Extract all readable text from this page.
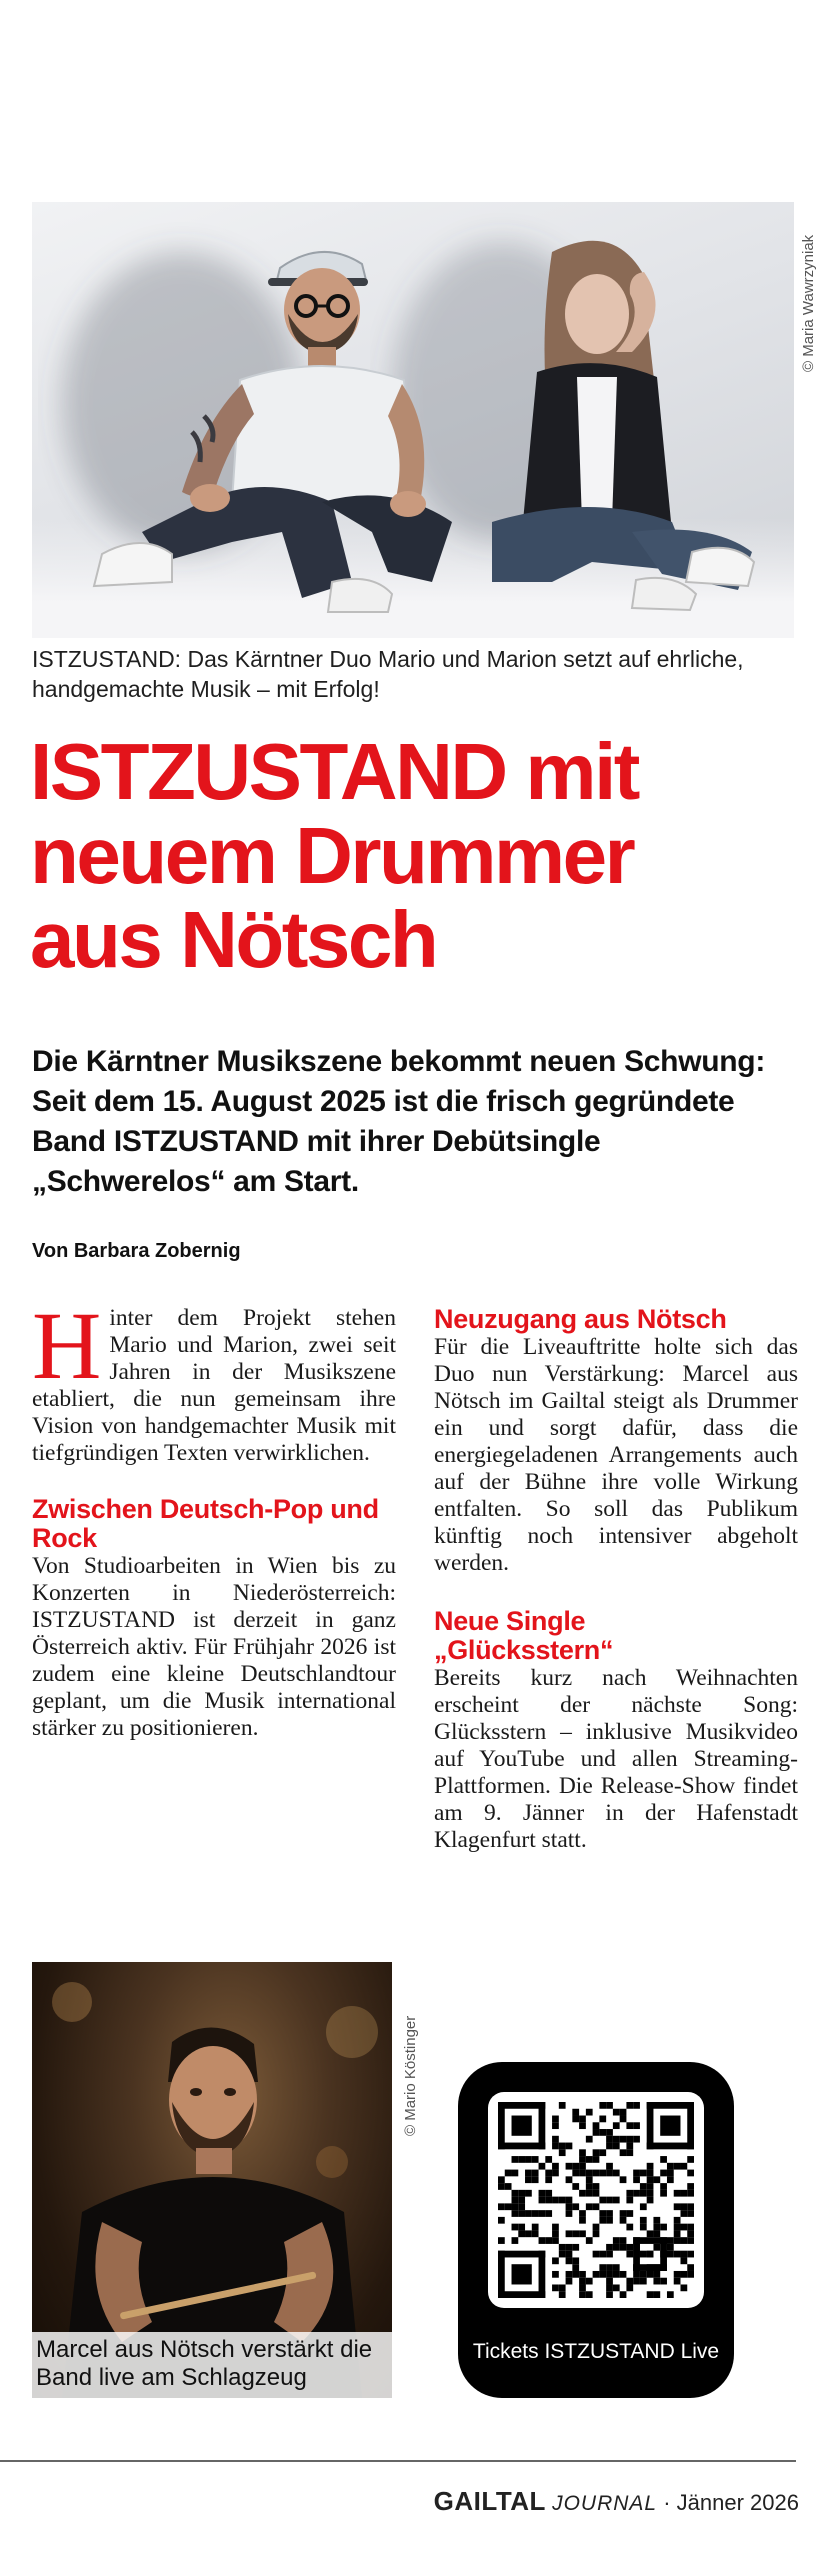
© Maria Wawrzyniak
ISTZUSTAND: Das Kärntner Duo Mario und Marion setzt auf ehrliche, handgemachte Musik – mit Erfolg!
ISTZUSTAND mit
neuem Drummer
aus Nötsch
Die Kärntner Musikszene bekommt neuen Schwung: Seit dem 15. August 2025 ist die frisch gegründete Band ISTZUSTAND mit ihrer Debütsingle „Schwerelos“ am Start.
Von Barbara Zobernig

Hinter dem Projekt stehen Mario und Marion, zwei seit Jahren in der Musikszene etabliert, die nun gemeinsam ihre Vision von handgemachter Musik mit tiefgründigen Texten verwirklichen.

Zwischen Deutsch-Pop und Rock

Von Studioarbeiten in Wien bis zu Konzerten in Niederösterreich: ISTZUSTAND ist derzeit in ganz Österreich aktiv. Für Frühjahr 2026 ist zudem eine kleine Deutschlandtour geplant, um die Musik international stärker zu positionieren.

Neuzugang aus Nötsch

Für die Liveauftritte holte sich das Duo nun Verstärkung: Marcel aus Nötsch im Gailtal steigt als Drummer ein und sorgt dafür, dass die energiegeladenen Arrangements auch auf der Bühne ihre volle Wirkung entfalten. So soll das Publikum künftig noch intensiver abgeholt werden.

Neue Single
„Glücksstern“

Bereits kurz nach Weihnachten erscheint der nächste Song: Glücksstern – inklusive Musikvideo auf YouTube und allen Streaming-Plattformen. Die Release-Show findet am 9. Jänner in der Hafenstadt Klagenfurt statt.

Marcel aus Nötsch verstärkt die Band live am Schlagzeug
© Mario Köstinger
Tickets ISTZUSTAND Live
GAILTAL JOURNAL · Jänner 2026
